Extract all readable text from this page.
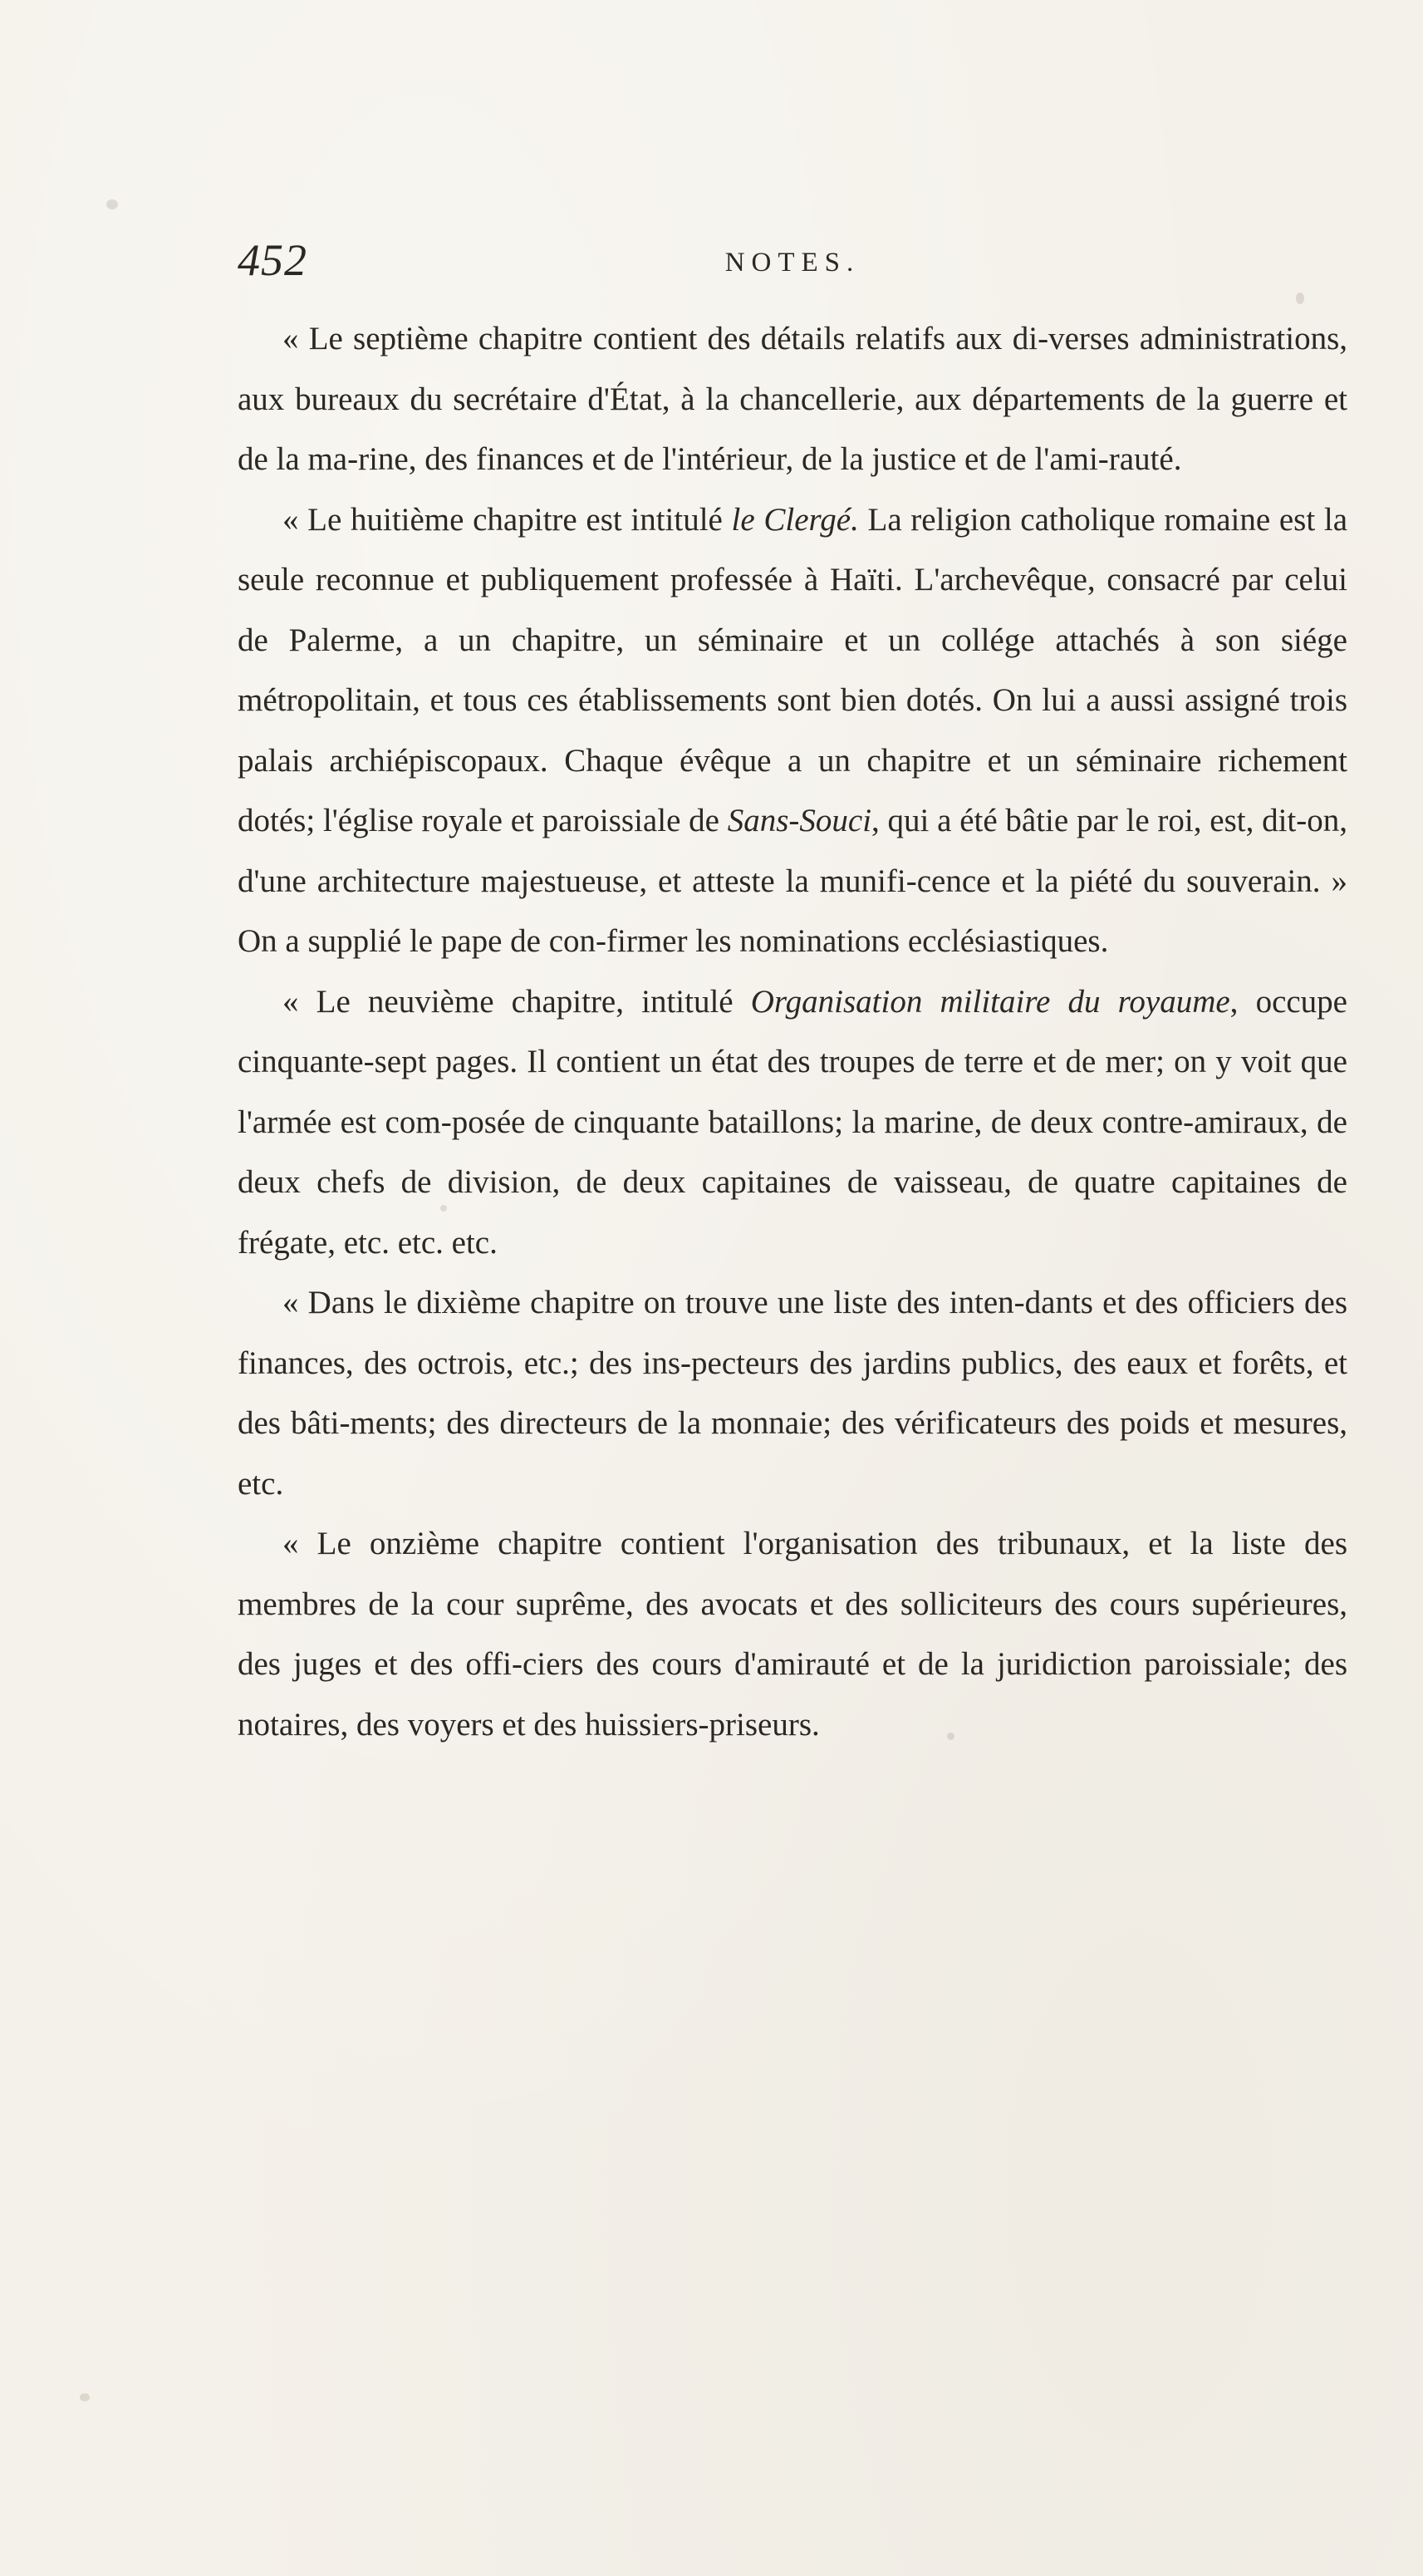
452	NOTES.

« Le septième chapitre contient des détails relatifs aux di-verses administrations, aux bureaux du secrétaire d'État, à la chancellerie, aux départements de la guerre et de la ma-rine, des finances et de l'intérieur, de la justice et de l'ami-rauté.

« Le huitième chapitre est intitulé le Clergé. La religion catholique romaine est la seule reconnue et publiquement professée à Haïti. L'archevêque, consacré par celui de Palerme, a un chapitre, un séminaire et un collége attachés à son siége métropolitain, et tous ces établissements sont bien dotés. On lui a aussi assigné trois palais archiépiscopaux. Chaque évêque a un chapitre et un séminaire richement dotés; l'église royale et paroissiale de Sans-Souci, qui a été bâtie par le roi, est, dit-on, d'une architecture majestueuse, et atteste la munifi-cence et la piété du souverain. » On a supplié le pape de con-firmer les nominations ecclésiastiques.

« Le neuvième chapitre, intitulé Organisation militaire du royaume, occupe cinquante-sept pages. Il contient un état des troupes de terre et de mer; on y voit que l'armée est com-posée de cinquante bataillons; la marine, de deux contre-amiraux, de deux chefs de division, de deux capitaines de vaisseau, de quatre capitaines de frégate, etc. etc. etc.

« Dans le dixième chapitre on trouve une liste des inten-dants et des officiers des finances, des octrois, etc.; des ins-pecteurs des jardins publics, des eaux et forêts, et des bâti-ments; des directeurs de la monnaie; des vérificateurs des poids et mesures, etc.

« Le onzième chapitre contient l'organisation des tribunaux, et la liste des membres de la cour suprême, des avocats et des solliciteurs des cours supérieures, des juges et des offi-ciers des cours d'amirauté et de la juridiction paroissiale; des notaires, des voyers et des huissiers-priseurs.
